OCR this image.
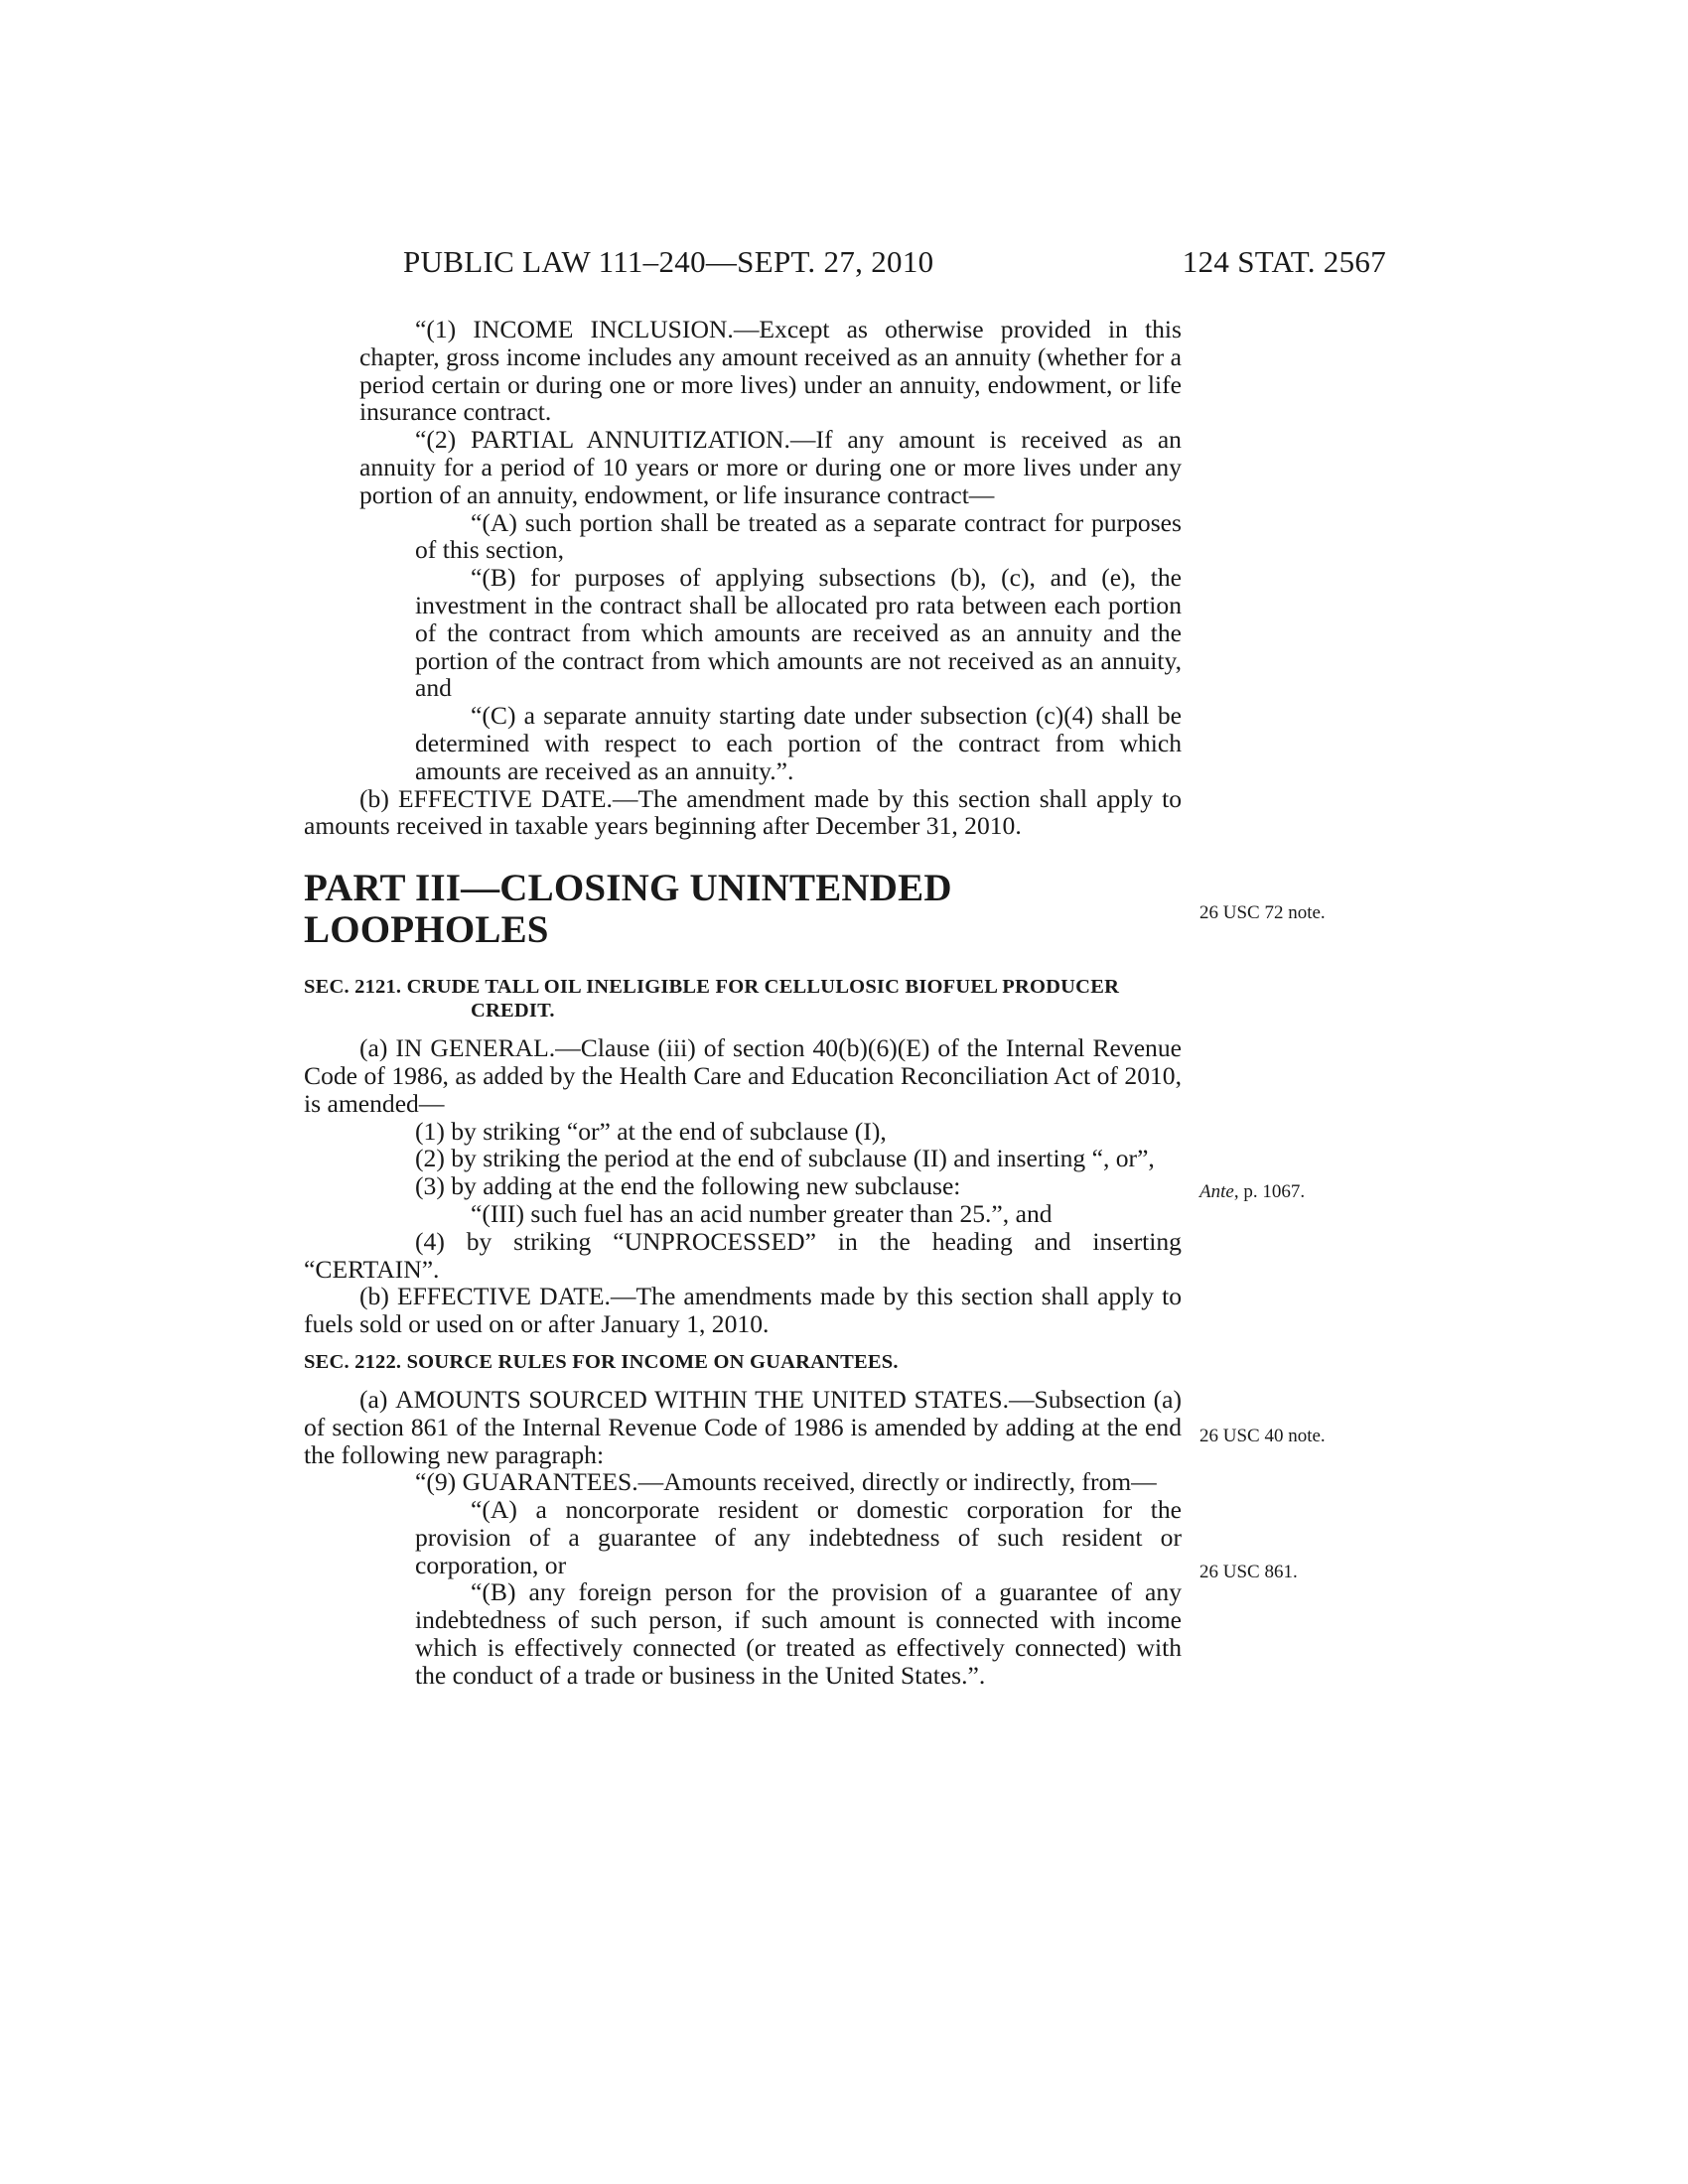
PUBLIC LAW 111–240—SEPT. 27, 2010	124 STAT. 2567

“(1) INCOME INCLUSION.—Except as otherwise provided in this chapter, gross income includes any amount received as an annuity (whether for a period certain or during one or more lives) under an annuity, endowment, or life insurance contract.

“(2) PARTIAL ANNUITIZATION.—If any amount is received as an annuity for a period of 10 years or more or during one or more lives under any portion of an annuity, endowment, or life insurance contract—

“(A) such portion shall be treated as a separate contract for purposes of this section,

“(B) for purposes of applying subsections (b), (c), and (e), the investment in the contract shall be allocated pro rata between each portion of the contract from which amounts are received as an annuity and the portion of the contract from which amounts are not received as an annuity, and

“(C) a separate annuity starting date under subsection (c)(4) shall be determined with respect to each portion of the contract from which amounts are received as an annuity.”.

(b) EFFECTIVE DATE.—The amendment made by this section shall apply to amounts received in taxable years beginning after December 31, 2010.

PART III—CLOSING UNINTENDED LOOPHOLES

SEC. 2121. CRUDE TALL OIL INELIGIBLE FOR CELLULOSIC BIOFUEL PRODUCER CREDIT.

(a) IN GENERAL.—Clause (iii) of section 40(b)(6)(E) of the Internal Revenue Code of 1986, as added by the Health Care and Education Reconciliation Act of 2010, is amended—

(1) by striking “or” at the end of subclause (I),

(2) by striking the period at the end of subclause (II) and inserting “, or”,

(3) by adding at the end the following new subclause:

“(III) such fuel has an acid number greater than 25.”, and

(4) by striking “UNPROCESSED” in the heading and inserting “CERTAIN”.

(b) EFFECTIVE DATE.—The amendments made by this section shall apply to fuels sold or used on or after January 1, 2010.

SEC. 2122. SOURCE RULES FOR INCOME ON GUARANTEES.

(a) AMOUNTS SOURCED WITHIN THE UNITED STATES.—Subsection (a) of section 861 of the Internal Revenue Code of 1986 is amended by adding at the end the following new paragraph:

“(9) GUARANTEES.—Amounts received, directly or indirectly, from—

“(A) a noncorporate resident or domestic corporation for the provision of a guarantee of any indebtedness of such resident or corporation, or

“(B) any foreign person for the provision of a guarantee of any indebtedness of such person, if such amount is connected with income which is effectively connected (or treated as effectively connected) with the conduct of a trade or business in the United States.”.

26 USC 72 note.
Ante, p. 1067.
26 USC 40 note.
26 USC 861.
